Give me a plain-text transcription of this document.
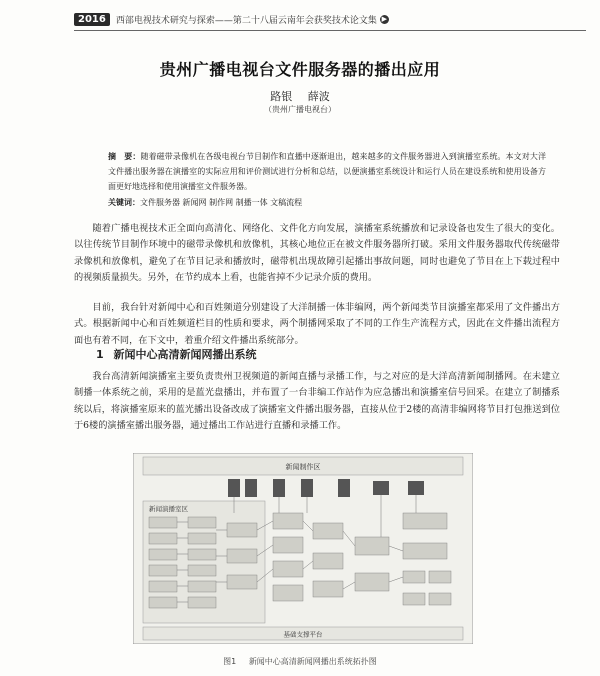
2016	西部电视技术研究与探索——第二十八届云南年会获奖技术论文集 ▶
贵州广播电视台文件服务器的播出应用
路银 薛波
（贵州广播电视台）
摘　要：随着磁带录像机在各级电视台节目制作和直播中逐渐退出，越来越多的文件服务器进入到演播室系统。本文对大洋文件播出服务器在演播室的实际应用和评价测试进行分析和总结，以便演播室系统设计和运行人员在建设系统和使用设备方面更好地选择和使用演播室文件服务器。
关键词：文件服务器 新闻网 制作网 制播一体 文稿流程
随着广播电视技术正全面向高清化、网络化、文件化方向发展，演播室系统播放和记录设备也发生了很大的变化。以往传统节目制作环境中的磁带录像机和放像机，其核心地位正在被文件服务器所打破。采用文件服务器取代传统磁带录像机和放像机，避免了在节目记录和播放时，磁带机出现故障引起播出事故问题，同时也避免了节目在上下载过程中的视频质量损失。另外，在节约成本上看，也能省掉不少记录介质的费用。
目前，我台针对新闻中心和百姓频道分别建设了大洋制播一体非编网，两个新闻类节目演播室都采用了文件播出方式。根据新闻中心和百姓频道栏目的性质和要求，两个制播网采取了不同的工作生产流程方式，因此在文件播出流程方面也有着不同，在下文中，着重介绍文件播出系统部分。
1 新闻中心高清新闻网播出系统
我台高清新闻演播室主要负责贵州卫视频道的新闻直播与录播工作，与之对应的是大洋高清新闻制播网。在未建立制播一体系统之前，采用的是蓝光盘播出，并布置了一台非编工作站作为应急播出和演播室信号回采。在建立了制播系统以后，将演播室原来的蓝光播出设备改成了演播室文件播出服务器，直接从位于2楼的高清非编网将节目打包推送到位于6楼的演播室播出服务器，通过播出工作站进行直播和录播工作。
新闻制作区
新闻演播室区
基础支撑平台
图1 新闻中心高清新闻网播出系统拓扑图
